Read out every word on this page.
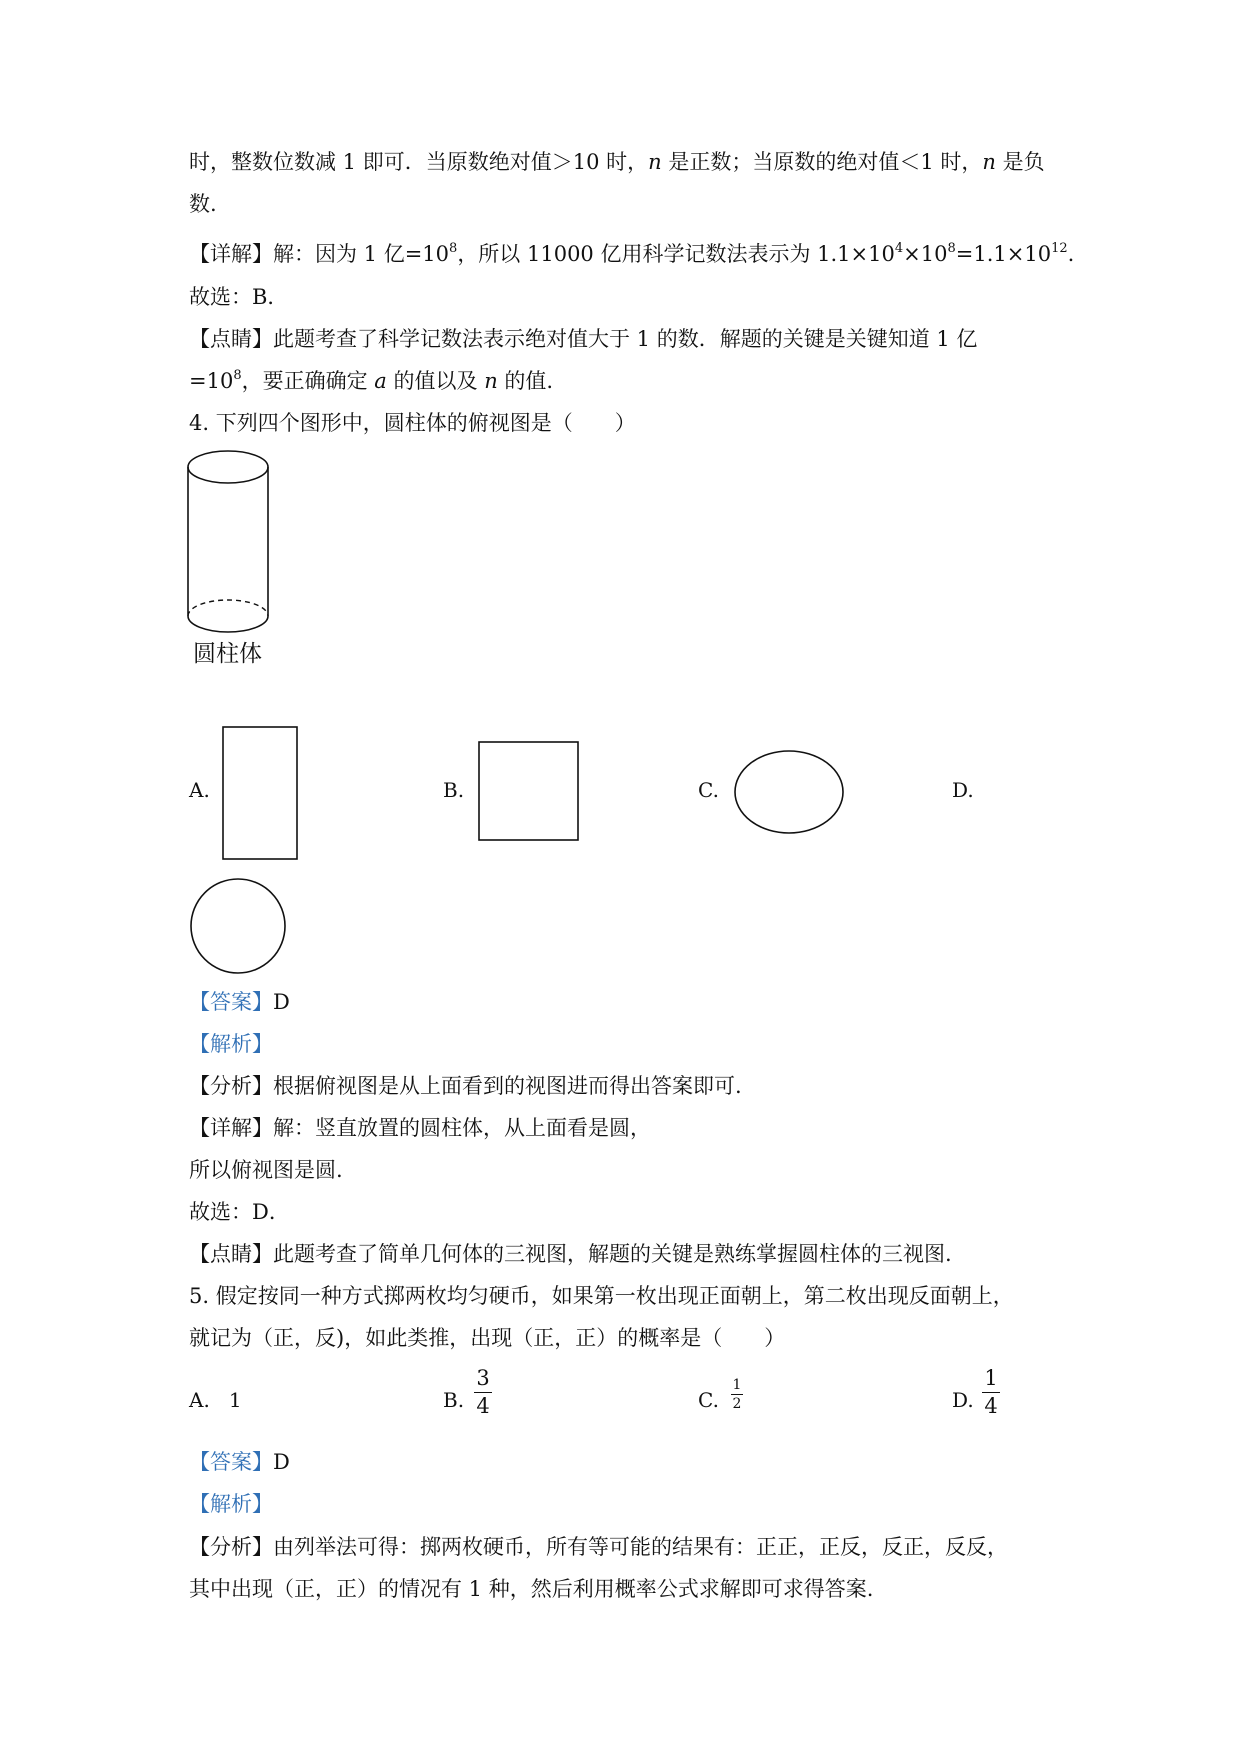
时，整数位数减 1 即可．当原数绝对值＞10 时，n 是正数；当原数的绝对值＜1 时，n 是负
数.
【详解】解：因为 1 亿$=10^8$，所以 11000 亿用科学记数法表示为 $1.1\times 10^4\times 10^8=1.1\times 10^{12}$.
故选：B．
【点睛】此题考查了科学记数法表示绝对值大于 1 的数．解题的关键是关键知道 1 亿
$=10^8$，要正确确定 a 的值以及 n 的值.
4. 下列四个图形中，圆柱体的俯视图是（　　）
圆柱体
A.	B.	C.	D.
【答案】D
【解析】
【分析】根据俯视图是从上面看到的视图进而得出答案即可.
【详解】解：竖直放置的圆柱体，从上面看是圆，
所以俯视图是圆.
故选：D．
【点睛】此题考查了简单几何体的三视图，解题的关键是熟练掌握圆柱体的三视图.
5. 假定按同一种方式掷两枚均匀硬币，如果第一枚出现正面朝上，第二枚出现反面朝上，
就记为（正，反)，如此类推，出现（正，正）的概率是（　　）
A. 1	B.
3
4	C.
1
2	D.
1
4
【答案】D
【解析】
【分析】由列举法可得：掷两枚硬币，所有等可能的结果有：正正，正反，反正，反反，
其中出现（正，正）的情况有 1 种，然后利用概率公式求解即可求得答案.
